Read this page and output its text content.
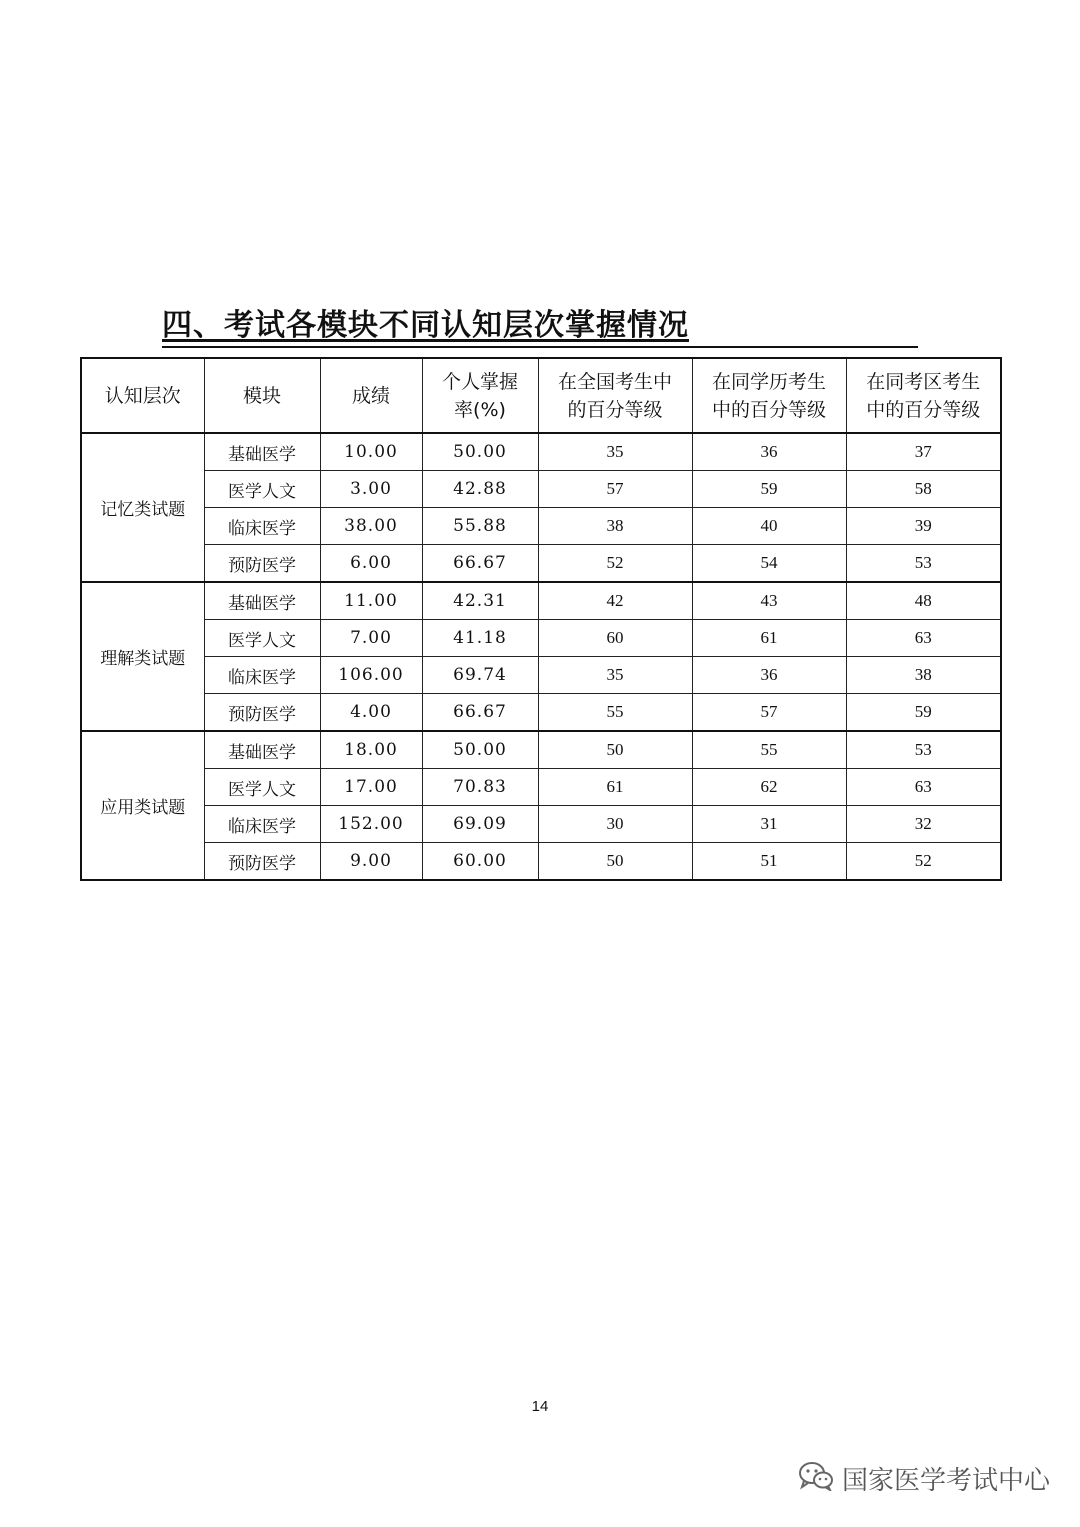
四、考试各模块不同认知层次掌握情况
认知层次	模块	成绩	个人掌握率(%)	在全国考生中的百分等级	在同学历考生中的百分等级	在同考区考生中的百分等级

记忆类试题	基础医学	10.00	50.00	35	36	37
	医学人文	3.00	42.88	57	59	58
	临床医学	38.00	55.88	38	40	39
	预防医学	6.00	66.67	52	54	53
理解类试题	基础医学	11.00	42.31	42	43	48
	医学人文	7.00	41.18	60	61	63
	临床医学	106.00	69.74	35	36	38
	预防医学	4.00	66.67	55	57	59
应用类试题	基础医学	18.00	50.00	50	55	53
	医学人文	17.00	70.83	61	62	63
	临床医学	152.00	69.09	30	31	32
	预防医学	9.00	60.00	50	51	52
14
国家医学考试中心
